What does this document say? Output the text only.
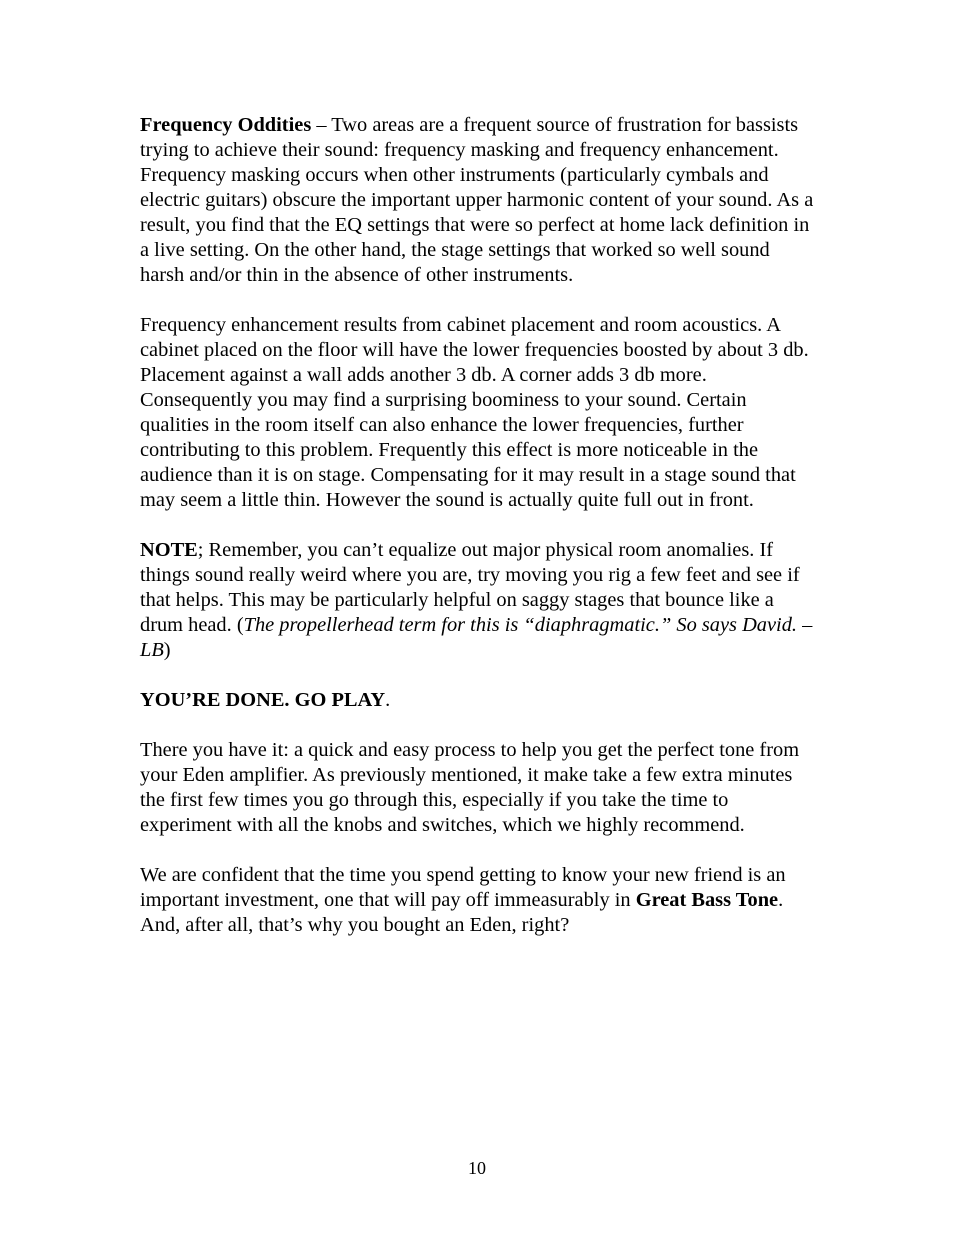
Frequency Oddities – Two areas are a frequent source of frustration for bassists trying to achieve their sound: frequency masking and frequency enhancement. Frequency masking occurs when other instruments (particularly cymbals and electric guitars) obscure the important upper harmonic content of your sound. As a result, you find that the EQ settings that were so perfect at home lack definition in a live setting. On the other hand, the stage settings that worked so well sound harsh and/or thin in the absence of other instruments.

Frequency enhancement results from cabinet placement and room acoustics. A cabinet placed on the floor will have the lower frequencies boosted by about 3 db. Placement against a wall adds another 3 db. A corner adds 3 db more. Consequently you may find a surprising boominess to your sound. Certain qualities in the room itself can also enhance the lower frequencies, further contributing to this problem. Frequently this effect is more noticeable in the audience than it is on stage. Compensating for it may result in a stage sound that may seem a little thin. However the sound is actually quite full out in front.

NOTE; Remember, you can’t equalize out major physical room anomalies. If things sound really weird where you are, try moving you rig a few feet and see if that helps. This may be particularly helpful on saggy stages that bounce like a drum head. (The propellerhead term for this is “diaphragmatic.” So says David. – LB)

YOU’RE DONE. GO PLAY.

There you have it: a quick and easy process to help you get the perfect tone from your Eden amplifier. As previously mentioned, it make take a few extra minutes the first few times you go through this, especially if you take the time to experiment with all the knobs and switches, which we highly recommend.

We are confident that the time you spend getting to know your new friend is an important investment, one that will pay off immeasurably in Great Bass Tone. And, after all, that’s why you bought an Eden, right?

10
